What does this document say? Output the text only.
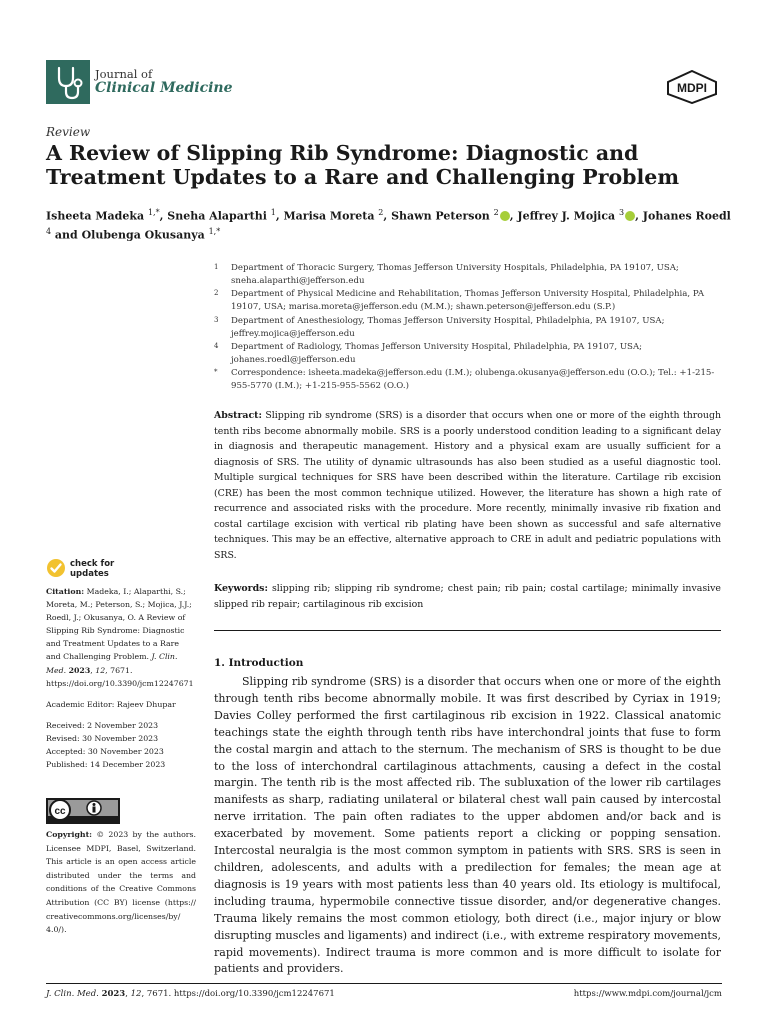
Journal of
Clinical Medicine	MDPI
Review
A Review of Slipping Rib Syndrome: Diagnostic and Treatment Updates to a Rare and Challenging Problem
Isheeta Madeka $^{1,*}$, Sneha Alaparthi $^1$, Marisa Moreta $^2$, Shawn Peterson $^2$ , Jeffrey J. Mojica $^3$ , Johanes Roedl $^4$ and Olubenga Okusanya $^{1,*}$
1	Department of Thoracic Surgery, Thomas Jefferson University Hospitals, Philadelphia, PA 19107, USA; sneha.alaparthi@jefferson.edu
2	Department of Physical Medicine and Rehabilitation, Thomas Jefferson University Hospital, Philadelphia, PA 19107, USA; marisa.moreta@jefferson.edu (M.M.); shawn.peterson@jefferson.edu (S.P.)
3	Department of Anesthesiology, Thomas Jefferson University Hospital, Philadelphia, PA 19107, USA; jeffrey.mojica@jefferson.edu
4	Department of Radiology, Thomas Jefferson University Hospital, Philadelphia, PA 19107, USA; johanes.roedl@jefferson.edu
*	Correspondence: isheeta.madeka@jefferson.edu (I.M.); olubenga.okusanya@jefferson.edu (O.O.); Tel.: +1-215-955-5770 (I.M.); +1-215-955-5562 (O.O.)

Abstract: Slipping rib syndrome (SRS) is a disorder that occurs when one or more of the eighth through tenth ribs become abnormally mobile. SRS is a poorly understood condition leading to a significant delay in diagnosis and therapeutic management. History and a physical exam are usually sufficient for a diagnosis of SRS. The utility of dynamic ultrasounds has also been studied as a useful diagnostic tool. Multiple surgical techniques for SRS have been described within the literature. Cartilage rib excision (CRE) has been the most common technique utilized. However, the literature has shown a high rate of recurrence and associated risks with the procedure. More recently, minimally invasive rib fixation and costal cartilage excision with vertical rib plating have been shown as successful and safe alternative techniques. This may be an effective, alternative approach to CRE in adult and pediatric populations with SRS.

Keywords: slipping rib; slipping rib syndrome; chest pain; rib pain; costal cartilage; minimally invasive slipped rib repair; cartilaginous rib excision

check for updates

Citation: Madeka, I.; Alaparthi, S.; Moreta, M.; Peterson, S.; Mojica, J.J.; Roedl, J.; Okusanya, O. A Review of Slipping Rib Syndrome: Diagnostic and Treatment Updates to a Rare and Challenging Problem. J. Clin. Med. 2023, 12, 7671. https://doi.org/10.3390/jcm12247671

Academic Editor: Rajeev Dhupar

Received: 2 November 2023

Revised: 30 November 2023

Accepted: 30 November 2023

Published: 14 December 2023

cc

Copyright: © 2023 by the authors. Licensee MDPI, Basel, Switzerland. This article is an open access article distributed under the terms and conditions of the Creative Commons Attribution (CC BY) license (https:// creativecommons.org/licenses/by/ 4.0/).

1. Introduction

Slipping rib syndrome (SRS) is a disorder that occurs when one or more of the eighth through tenth ribs become abnormally mobile. It was first described by Cyriax in 1919; Davies Colley performed the first cartilaginous rib excision in 1922. Classical anatomic teachings state the eighth through tenth ribs have interchondral joints that fuse to form the costal margin and attach to the sternum. The mechanism of SRS is thought to be due to the loss of interchondral cartilaginous attachments, causing a defect in the costal margin. The tenth rib is the most affected rib. The subluxation of the lower rib cartilages manifests as sharp, radiating unilateral or bilateral chest wall pain caused by intercostal nerve irritation. The pain often radiates to the upper abdomen and/or back and is exacerbated by movement. Some patients report a clicking or popping sensation. Intercostal neuralgia is the most common symptom in patients with SRS. SRS is seen in children, adolescents, and adults with a predilection for females; the mean age at diagnosis is 19 years with most patients less than 40 years old. Its etiology is multifocal, including trauma, hypermobile connective tissue disorder, and/or degenerative changes. Trauma likely remains the most common etiology, both direct (i.e., major injury or blow disrupting muscles and ligaments) and indirect (i.e., with extreme respiratory movements, rapid movements). Indirect trauma is more common and is more difficult to isolate for patients and providers.

J. Clin. Med. 2023, 12, 7671. https://doi.org/10.3390/jcm12247671	https://www.mdpi.com/journal/jcm
